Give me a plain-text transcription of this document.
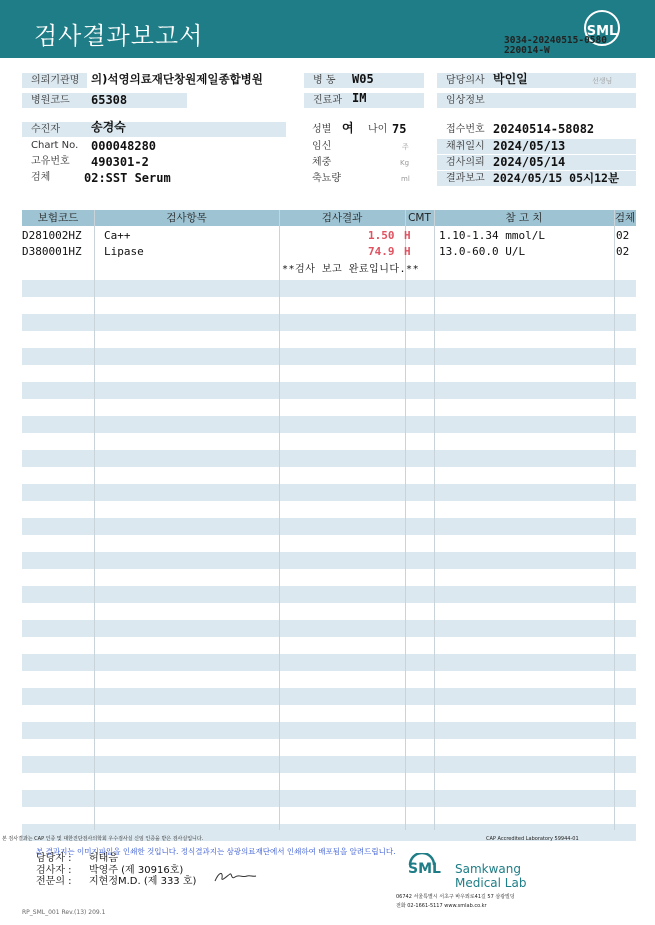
검사결과보고서	SML
3034-20240515-0580
220014-W
의뢰기관명	의)석영의료재단창원제일종합병원
병원코드	65308
수진자	송경숙
Chart No. 000048280
고유번호 490301-2
검체	02:SST Serum
병 동	W05
진료과 IM
성별 여 나이 75
임신	주
체중	Kg
축뇨량	ml
담당의사 박인일	선생님
임상정보
접수번호 20240514-58082
채취일시 2024/05/13
검사의뢰 2024/05/14
결과보고 2024/05/15 05시12분
보험코드	검사항목	검사결과	CMT	참 고 치	검체
D281002HZ Ca++	1.50 H	1.10-1.34 mmol/L	02
D380001HZ Lipase	74.9 H	13.0-60.0 U/L	02
**검사 보고 완료입니다.**
본 검사결과는 CAP 인증 및 대한진단검사의학회 우수검사실 신임 인증을 받은 검사실입니다.	CAP Accredited Laboratory 59944-01
본 결과지는 이미지파일을 인쇄한 것입니다. 정식결과지는 삼광의료재단에서 인쇄하여 배포됨을 알려드립니다.
담당자 : 허태음
검사자 : 박영주 (제 30916호)
전문의 : 지현정M.D. (제 333 호)
SML Samkwang
Medical Lab
06742 서울특별시 서초구 바우뫼로41길 57 삼광빌딩
전화 02-1661-5117 www.smlab.co.kr
RP_SML_001 Rev.(13) 209.1
